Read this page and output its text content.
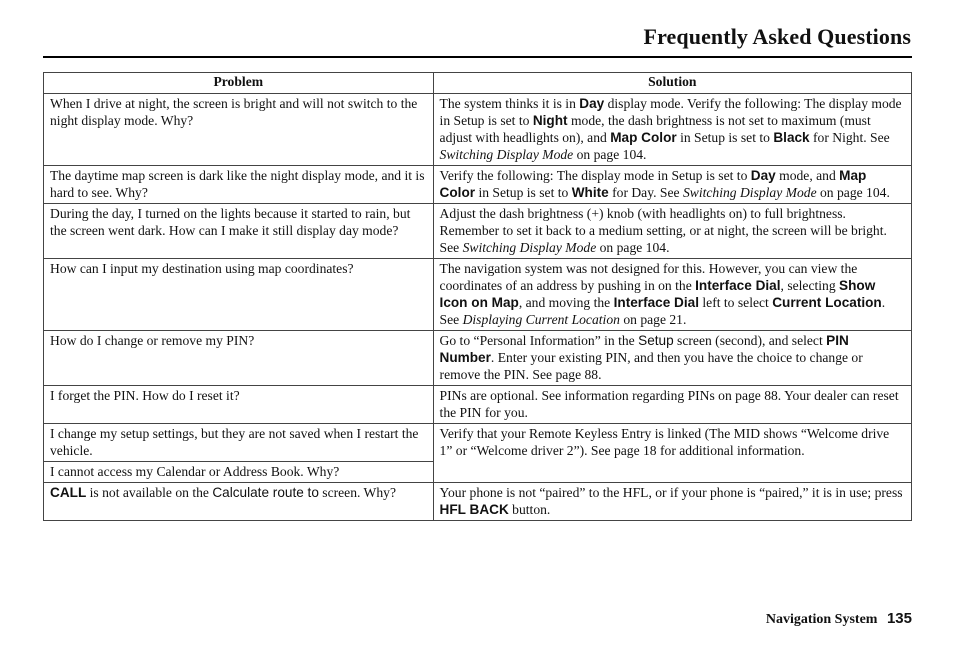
Frequently Asked Questions
Problem	Solution
When I drive at night, the screen is bright and will not switch to the night display mode. Why?	The system thinks it is in Day display mode. Verify the following: The display mode in Setup is set to Night mode, the dash brightness is not set to maximum (must adjust with headlights on), and Map Color in Setup is set to Black for Night. See Switching Display Mode on page 104.
The daytime map screen is dark like the night display mode, and it is hard to see. Why?	Verify the following: The display mode in Setup is set to Day mode, and Map Color in Setup is set to White for Day. See Switching Display Mode on page 104.
During the day, I turned on the lights because it started to rain, but the screen went dark. How can I make it still display day mode?	Adjust the dash brightness (+) knob (with headlights on) to full brightness. Remember to set it back to a medium setting, or at night, the screen will be bright. See Switching Display Mode on page 104.
How can I input my destination using map coordinates?	The navigation system was not designed for this. However, you can view the coordinates of an address by pushing in on the Interface Dial, selecting Show Icon on Map, and moving the Interface Dial left to select Current Location. See Displaying Current Location on page 21.
How do I change or remove my PIN?	Go to “Personal Information” in the Setup screen (second), and select PIN Number. Enter your existing PIN, and then you have the choice to change or remove the PIN. See page 88.
I forget the PIN. How do I reset it?	PINs are optional. See information regarding PINs on page 88. Your dealer can reset the PIN for you.
I change my setup settings, but they are not saved when I restart the vehicle.	Verify that your Remote Keyless Entry is linked (The MID shows “Welcome drive 1” or “Welcome driver 2”). See page 18 for additional information.
I cannot access my Calendar or Address Book. Why?	
CALL is not available on the Calculate route to screen. Why?	Your phone is not “paired” to the HFL, or if your phone is “paired,” it is in use; press HFL BACK button.
Navigation System 135
